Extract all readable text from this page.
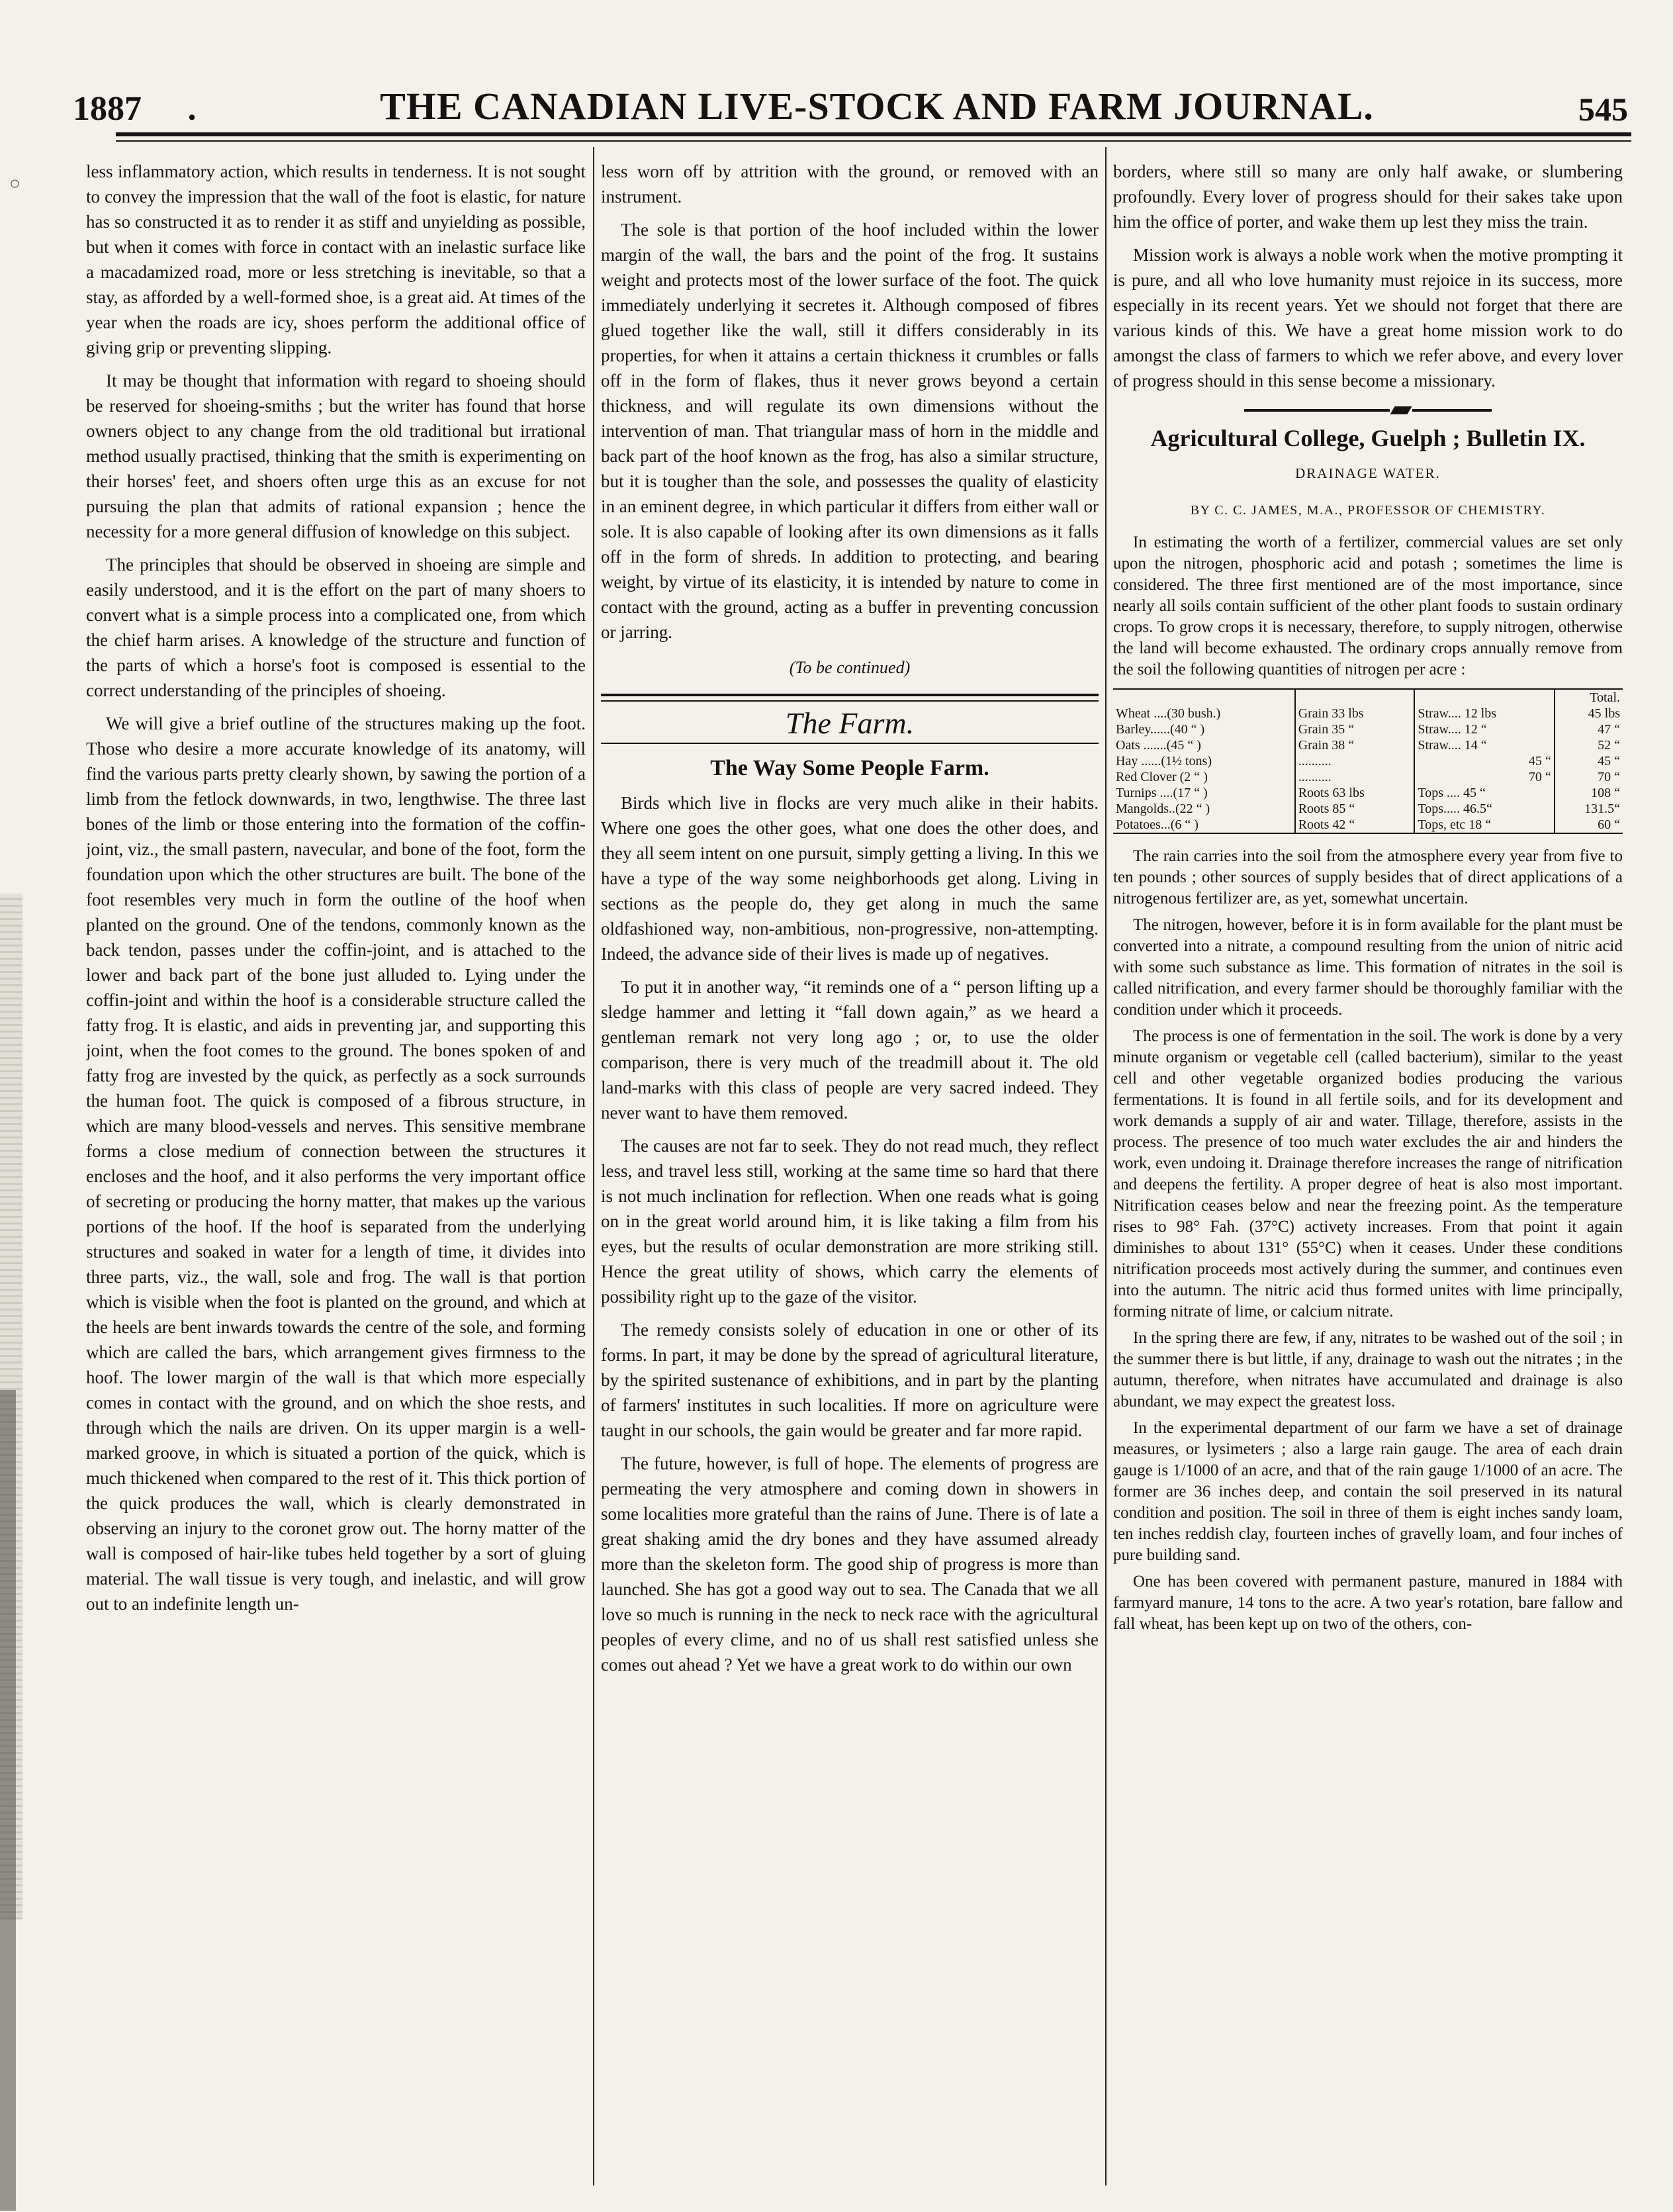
○
1887	.	THE CANADIAN LIVE-STOCK AND FARM JOURNAL.	545

less inflammatory action, which results in tenderness. It is not sought to convey the impression that the wall of the foot is elastic, for nature has so constructed it as to render it as stiff and unyielding as possible, but when it comes with force in contact with an inelastic surface like a macadamized road, more or less stretching is inevitable, so that a stay, as afforded by a well-formed shoe, is a great aid. At times of the year when the roads are icy, shoes perform the additional office of giving grip or preventing slipping.

It may be thought that information with regard to shoeing should be reserved for shoeing-smiths ; but the writer has found that horse owners object to any change from the old traditional but irrational method usually practised, thinking that the smith is experimenting on their horses' feet, and shoers often urge this as an excuse for not pursuing the plan that admits of rational expansion ; hence the necessity for a more general diffusion of knowledge on this subject.

The principles that should be observed in shoeing are simple and easily understood, and it is the effort on the part of many shoers to convert what is a simple process into a complicated one, from which the chief harm arises. A knowledge of the structure and function of the parts of which a horse's foot is composed is essential to the correct understanding of the principles of shoeing.

We will give a brief outline of the structures making up the foot. Those who desire a more accurate knowledge of its anatomy, will find the various parts pretty clearly shown, by sawing the portion of a limb from the fetlock downwards, in two, lengthwise. The three last bones of the limb or those entering into the formation of the coffin-joint, viz., the small pastern, navecular, and bone of the foot, form the foundation upon which the other structures are built. The bone of the foot resembles very much in form the outline of the hoof when planted on the ground. One of the tendons, commonly known as the back tendon, passes under the coffin-joint, and is attached to the lower and back part of the bone just alluded to. Lying under the coffin-joint and within the hoof is a considerable structure called the fatty frog. It is elastic, and aids in preventing jar, and supporting this joint, when the foot comes to the ground. The bones spoken of and fatty frog are invested by the quick, as perfectly as a sock surrounds the human foot. The quick is composed of a fibrous structure, in which are many blood-vessels and nerves. This sensitive membrane forms a close medium of connection between the structures it encloses and the hoof, and it also performs the very important office of secreting or producing the horny matter, that makes up the various portions of the hoof. If the hoof is separated from the underlying structures and soaked in water for a length of time, it divides into three parts, viz., the wall, sole and frog. The wall is that portion which is visible when the foot is planted on the ground, and which at the heels are bent inwards towards the centre of the sole, and forming which are called the bars, which arrangement gives firmness to the hoof. The lower margin of the wall is that which more especially comes in contact with the ground, and on which the shoe rests, and through which the nails are driven. On its upper margin is a well-marked groove, in which is situated a portion of the quick, which is much thickened when compared to the rest of it. This thick portion of the quick produces the wall, which is clearly demonstrated in observing an injury to the coronet grow out. The horny matter of the wall is composed of hair-like tubes held together by a sort of gluing material. The wall tissue is very tough, and inelastic, and will grow out to an indefinite length un-

less worn off by attrition with the ground, or removed with an instrument.

The sole is that portion of the hoof included within the lower margin of the wall, the bars and the point of the frog. It sustains weight and protects most of the lower surface of the foot. The quick immediately underlying it secretes it. Although composed of fibres glued together like the wall, still it differs considerably in its properties, for when it attains a certain thickness it crumbles or falls off in the form of flakes, thus it never grows beyond a certain thickness, and will regulate its own dimensions without the intervention of man. That triangular mass of horn in the middle and back part of the hoof known as the frog, has also a similar structure, but it is tougher than the sole, and possesses the quality of elasticity in an eminent degree, in which particular it differs from either wall or sole. It is also capable of looking after its own dimensions as it falls off in the form of shreds. In addition to protecting, and bearing weight, by virtue of its elasticity, it is intended by nature to come in contact with the ground, acting as a buffer in preventing concussion or jarring.

(To be continued)
The Farm.
The Way Some People Farm.

Birds which live in flocks are very much alike in their habits. Where one goes the other goes, what one does the other does, and they all seem intent on one pursuit, simply getting a living. In this we have a type of the way some neighborhoods get along. Living in sections as the people do, they get along in much the same oldfashioned way, non-ambitious, non-progressive, non-attempting. Indeed, the advance side of their lives is made up of negatives.

To put it in another way, “it reminds one of a “ person lifting up a sledge hammer and letting it “fall down again,” as we heard a gentleman remark not very long ago ; or, to use the older comparison, there is very much of the treadmill about it. The old land-marks with this class of people are very sacred indeed. They never want to have them removed.

The causes are not far to seek. They do not read much, they reflect less, and travel less still, working at the same time so hard that there is not much inclination for reflection. When one reads what is going on in the great world around him, it is like taking a film from his eyes, but the results of ocular demonstration are more striking still. Hence the great utility of shows, which carry the elements of possibility right up to the gaze of the visitor.

The remedy consists solely of education in one or other of its forms. In part, it may be done by the spread of agricultural literature, by the spirited sustenance of exhibitions, and in part by the planting of farmers' institutes in such localities. If more on agriculture were taught in our schools, the gain would be greater and far more rapid.

The future, however, is full of hope. The elements of progress are permeating the very atmosphere and coming down in showers in some localities more grateful than the rains of June. There is of late a great shaking amid the dry bones and they have assumed already more than the skeleton form. The good ship of progress is more than launched. She has got a good way out to sea. The Canada that we all love so much is running in the neck to neck race with the agricultural peoples of every clime, and no of us shall rest satisfied unless she comes out ahead ? Yet we have a great work to do within our own

borders, where still so many are only half awake, or slumbering profoundly. Every lover of progress should for their sakes take upon him the office of porter, and wake them up lest they miss the train.

Mission work is always a noble work when the motive prompting it is pure, and all who love humanity must rejoice in its success, more especially in its recent years. Yet we should not forget that there are various kinds of this. We have a great home mission work to do amongst the class of farmers to which we refer above, and every lover of progress should in this sense become a missionary.

Agricultural College, Guelph ; Bulletin IX.
DRAINAGE WATER.
BY C. C. JAMES, M.A., PROFESSOR OF CHEMISTRY.

In estimating the worth of a fertilizer, commercial values are set only upon the nitrogen, phosphoric acid and potash ; sometimes the lime is considered. The three first mentioned are of the most importance, since nearly all soils contain sufficient of the other plant foods to sustain ordinary crops. To grow crops it is necessary, therefore, to supply nitrogen, otherwise the land will become exhausted. The ordinary crops annually remove from the soil the following quantities of nitrogen per acre :

			Total.
Wheat ....(30 bush.)	Grain 33 lbs	Straw.... 12 lbs	45 lbs
Barley......(40 “ )	Grain 35 “	Straw.... 12 “	47 “
Oats .......(45 “ )	Grain 38 “	Straw.... 14 “	52 “
Hay ......(1½ tons)	..........	45 “	45 “
Red Clover (2 “ )	..........	70 “	70 “
Turnips ....(17 “ )	Roots 63 lbs	Tops .... 45 “	108 “
Mangolds..(22 “ )	Roots 85 “	Tops..... 46.5“	131.5“
Potatoes...(6 “ )	Roots 42 “	Tops, etc 18 “	60 “

The rain carries into the soil from the atmosphere every year from five to ten pounds ; other sources of supply besides that of direct applications of a nitrogenous fertilizer are, as yet, somewhat uncertain.

The nitrogen, however, before it is in form available for the plant must be converted into a nitrate, a compound resulting from the union of nitric acid with some such substance as lime. This formation of nitrates in the soil is called nitrification, and every farmer should be thoroughly familiar with the condition under which it proceeds.

The process is one of fermentation in the soil. The work is done by a very minute organism or vegetable cell (called bacterium), similar to the yeast cell and other vegetable organized bodies producing the various fermentations. It is found in all fertile soils, and for its development and work demands a supply of air and water. Tillage, therefore, assists in the process. The presence of too much water excludes the air and hinders the work, even undoing it. Drainage therefore increases the range of nitrification and deepens the fertility. A proper degree of heat is also most important. Nitrification ceases below and near the freezing point. As the temperature rises to 98° Fah. (37°C) activety increases. From that point it again diminishes to about 131° (55°C) when it ceases. Under these conditions nitrification proceeds most actively during the summer, and continues even into the autumn. The nitric acid thus formed unites with lime principally, forming nitrate of lime, or calcium nitrate.

In the spring there are few, if any, nitrates to be washed out of the soil ; in the summer there is but little, if any, drainage to wash out the nitrates ; in the autumn, therefore, when nitrates have accumulated and drainage is also abundant, we may expect the greatest loss.

In the experimental department of our farm we have a set of drainage measures, or lysimeters ; also a large rain gauge. The area of each drain gauge is 1/1000 of an acre, and that of the rain gauge 1/1000 of an acre. The former are 36 inches deep, and contain the soil preserved in its natural condition and position. The soil in three of them is eight inches sandy loam, ten inches reddish clay, fourteen inches of gravelly loam, and four inches of pure building sand.

One has been covered with permanent pasture, manured in 1884 with farmyard manure, 14 tons to the acre. A two year's rotation, bare fallow and fall wheat, has been kept up on two of the others, con-
